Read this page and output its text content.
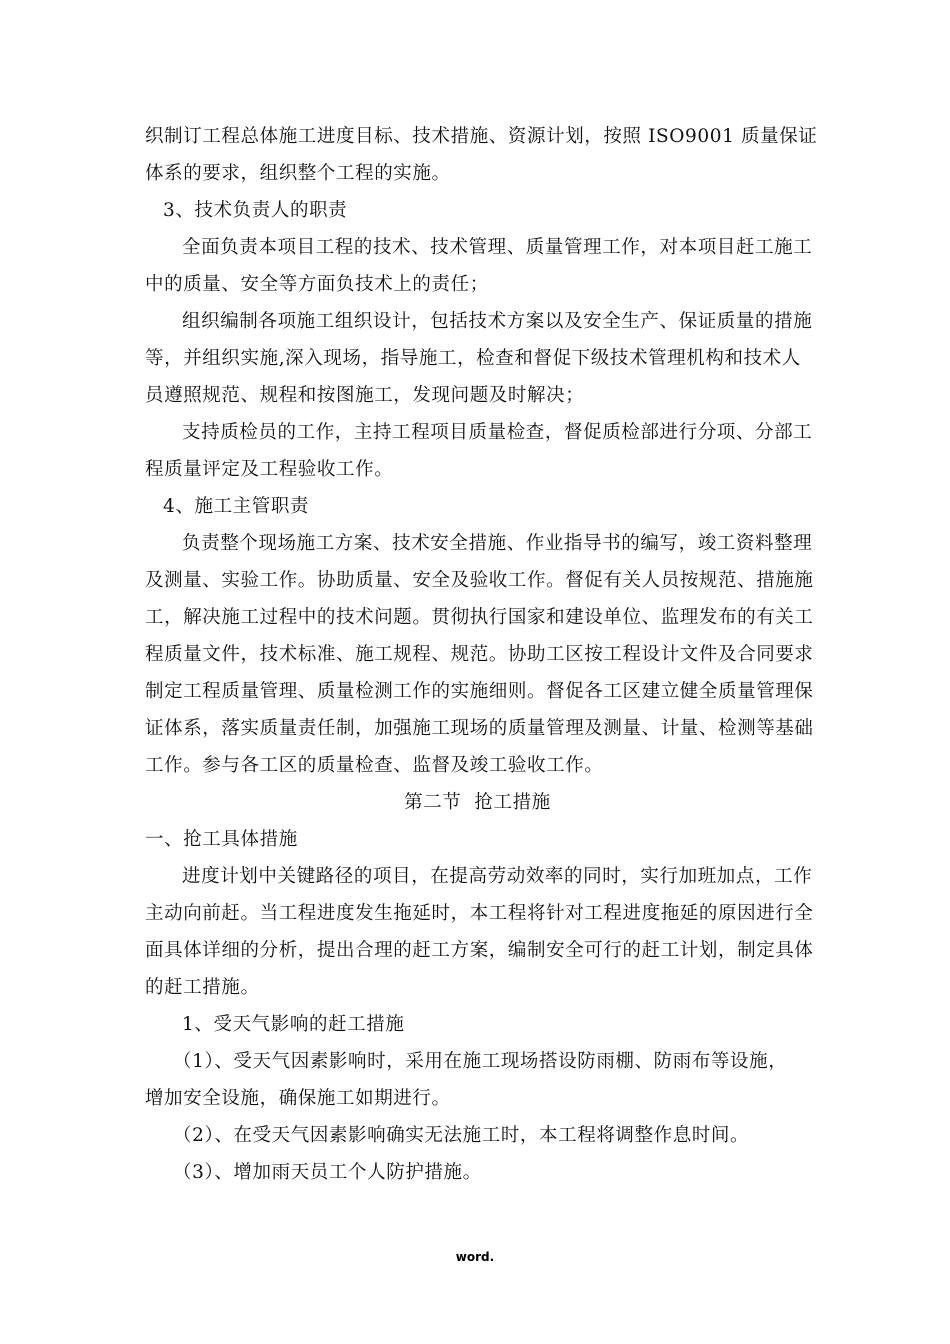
织制订工程总体施工进度目标、技术措施、资源计划，按照 ISO9001 质量保证
体系的要求，组织整个工程的实施。
3、技术负责人的职责
全面负责本项目工程的技术、技术管理、质量管理工作，对本项目赶工施工
中的质量、安全等方面负技术上的责任；
组织编制各项施工组织设计，包括技术方案以及安全生产、保证质量的措施
等，并组织实施,深入现场，指导施工，检查和督促下级技术管理机构和技术人
员遵照规范、规程和按图施工，发现问题及时解决；
支持质检员的工作，主持工程项目质量检查，督促质检部进行分项、分部工
程质量评定及工程验收工作。
4、施工主管职责
负责整个现场施工方案、技术安全措施、作业指导书的编写，竣工资料整理
及测量、实验工作。协助质量、安全及验收工作。督促有关人员按规范、措施施
工，解决施工过程中的技术问题。贯彻执行国家和建设单位、监理发布的有关工
程质量文件，技术标准、施工规程、规范。协助工区按工程设计文件及合同要求
制定工程质量管理、质量检测工作的实施细则。督促各工区建立健全质量管理保
证体系，落实质量责任制，加强施工现场的质量管理及测量、计量、检测等基础
工作。参与各工区的质量检查、监督及竣工验收工作。
第二节  抢工措施
一、抢工具体措施
进度计划中关键路径的项目，在提高劳动效率的同时，实行加班加点，工作
主动向前赶。当工程进度发生拖延时，本工程将针对工程进度拖延的原因进行全
面具体详细的分析，提出合理的赶工方案，编制安全可行的赶工计划，制定具体
的赶工措施。
1、受天气影响的赶工措施
（1）、受天气因素影响时，采用在施工现场搭设防雨棚、防雨布等设施，
增加安全设施，确保施工如期进行。
（2）、在受天气因素影响确实无法施工时，本工程将调整作息时间。
（3）、增加雨天员工个人防护措施。
word.
